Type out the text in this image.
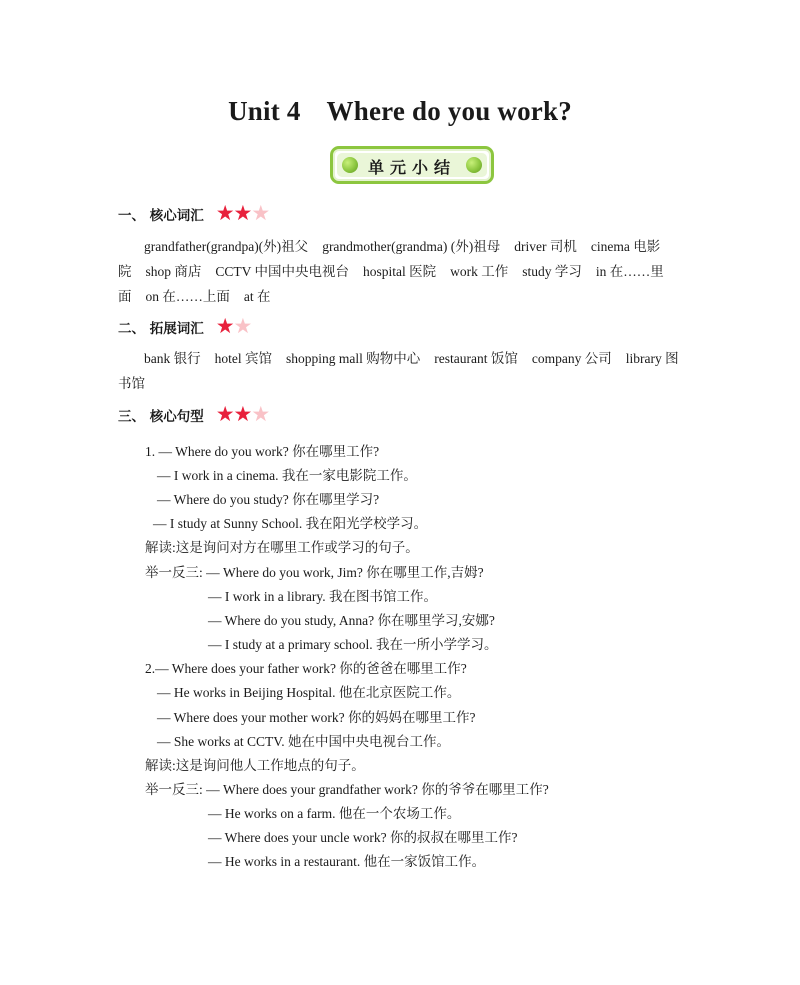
Unit 4 Where do you work?
单元小结
一、 核心词汇 ★ ★ ★
grandfather(grandpa)(外)祖父 grandmother(grandma) (外)祖母 driver 司机 cinema 电影院 shop 商店 CCTV 中国中央电视台 hospital 医院 work 工作 study 学习 in 在……里面 on 在……上面 at 在
二、 拓展词汇 ★ ★
bank 银行 hotel 宾馆 shopping mall 购物中心 restaurant 饭馆 company 公司 library 图书馆
三、 核心句型 ★ ★ ★
1. — Where do you work? 你在哪里工作?
— I work in a cinema. 我在一家电影院工作。
— Where do you study? 你在哪里学习?
— I study at Sunny School. 我在阳光学校学习。
解读:这是询问对方在哪里工作或学习的句子。
举一反三: — Where do you work, Jim? 你在哪里工作,吉姆?
— I work in a library. 我在图书馆工作。
— Where do you study, Anna? 你在哪里学习,安娜?
— I study at a primary school. 我在一所小学学习。
2.— Where does your father work? 你的爸爸在哪里工作?
— He works in Beijing Hospital. 他在北京医院工作。
— Where does your mother work? 你的妈妈在哪里工作?
— She works at CCTV. 她在中国中央电视台工作。
解读:这是询问他人工作地点的句子。
举一反三: — Where does your grandfather work? 你的爷爷在哪里工作?
— He works on a farm. 他在一个农场工作。
— Where does your uncle work? 你的叔叔在哪里工作?
— He works in a restaurant. 他在一家饭馆工作。
